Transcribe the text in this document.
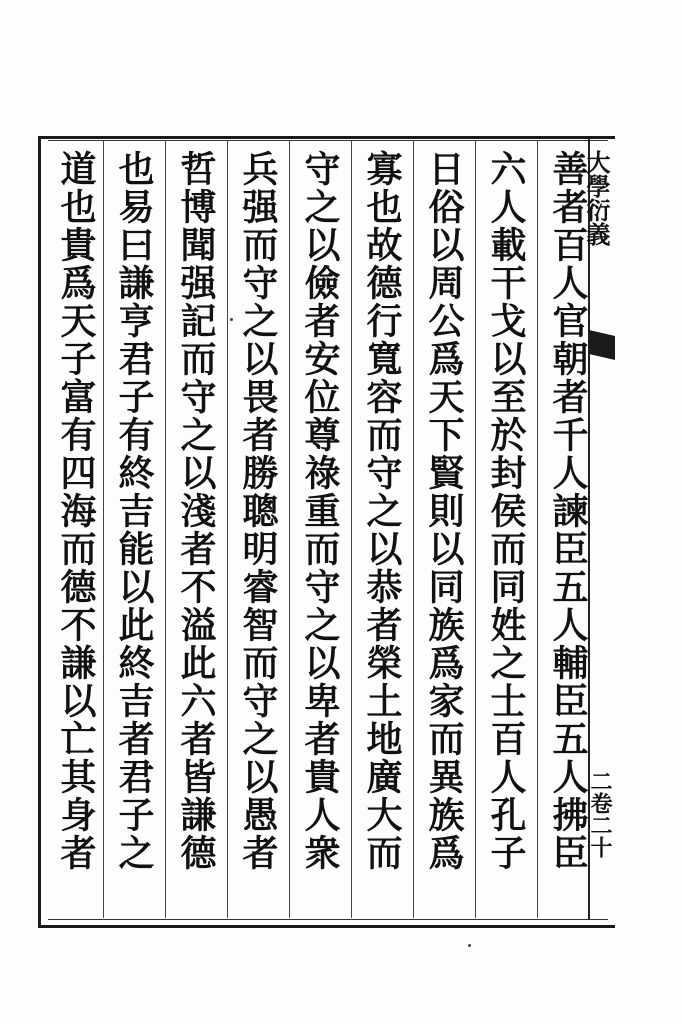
大學衍義
二卷二十
善者百人官朝者千人諫臣五人輔臣五人拂臣
六人載干戈以至於封侯而同姓之士百人孔子
日俗以周公爲天下賢則以同族爲家而異族爲
寡也故德行寬容而守之以恭者榮土地廣大而
守之以儉者安位尊祿重而守之以卑者貴人衆
兵强而守之以畏者勝聰明睿智而守之以愚者
哲博聞强記而守之以淺者不溢此六者皆謙德
也易曰謙亨君子有終吉能以此終吉者君子之
道也貴爲天子富有四海而德不謙以亡其身者
